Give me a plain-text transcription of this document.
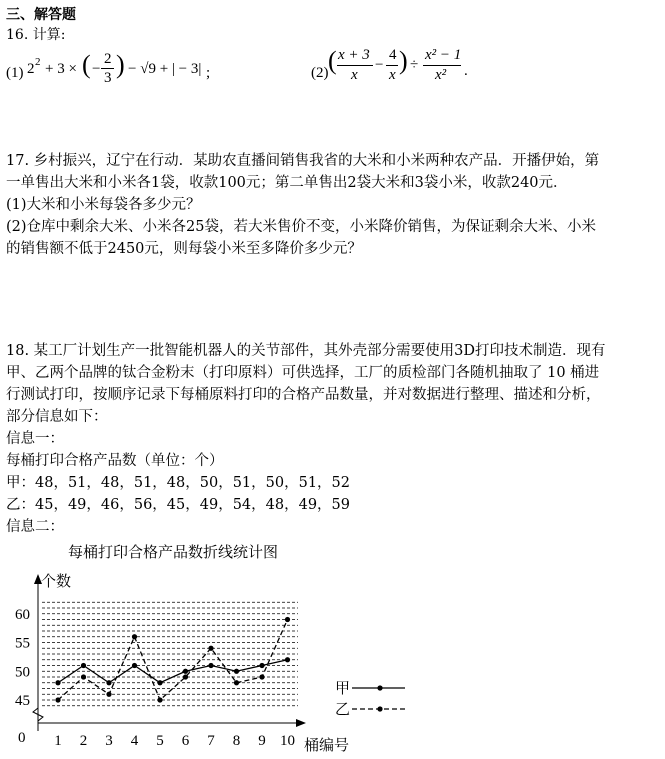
三、解答题
16. 计算:
(1) 2 2 + 3 × ( −
2
3 ) − √9 + | − 3| ;	(2) ( x + 3
x
−
4
x ) ÷
x² − 1
x² .
17. 乡村振兴，辽宁在行动．某助农直播间销售我省的大米和小米两种农产品．开播伊始，第
一单售出大米和小米各1袋，收款100元；第二单售出2袋大米和3袋小米，收款240元．
(1)大米和小米每袋各多少元？
(2)仓库中剩余大米、小米各25袋，若大米售价不变，小米降价销售，为保证剩余大米、小米
的销售额不低于2450元，则每袋小米至多降价多少元？
18. 某工厂计划生产一批智能机器人的关节部件，其外壳部分需要使用3D打印技术制造．现有
甲、乙两个品牌的钛合金粉末（打印原料）可供选择，工厂的质检部门各随机抽取了 10 桶进
行测试打印，按顺序记录下每桶原料打印的合格产品数量，并对数据进行整理、描述和分析，
部分信息如下：
信息一：
每桶打印合格产品数（单位：个）
甲：48，51，48，51，48，50，51，50，51，52
乙：45，49，46，56，45，49，54，48，49，59
信息二：
每桶打印合格产品数折线统计图
个数
桶编号
0
45
50
55
60
1 2 3 4 5 6 7 8 9 10
甲
乙
